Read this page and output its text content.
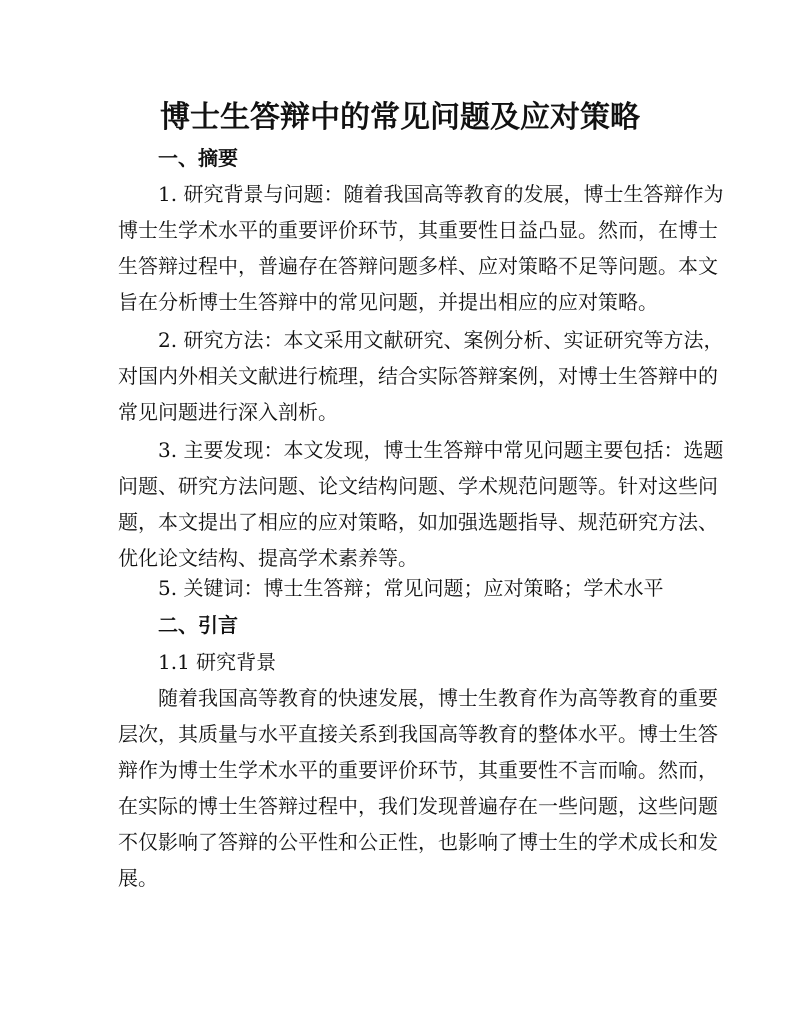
博士生答辩中的常见问题及应对策略
一、摘要
1. 研究背景与问题：随着我国高等教育的发展，博士生答辩作为
博士生学术水平的重要评价环节，其重要性日益凸显。然而，在博士
生答辩过程中，普遍存在答辩问题多样、应对策略不足等问题。本文
旨在分析博士生答辩中的常见问题，并提出相应的应对策略。
2. 研究方法：本文采用文献研究、案例分析、实证研究等方法，
对国内外相关文献进行梳理，结合实际答辩案例，对博士生答辩中的
常见问题进行深入剖析。
3. 主要发现：本文发现，博士生答辩中常见问题主要包括：选题
问题、研究方法问题、论文结构问题、学术规范问题等。针对这些问
题，本文提出了相应的应对策略，如加强选题指导、规范研究方法、
优化论文结构、提高学术素养等。
5. 关键词：博士生答辩；常见问题；应对策略；学术水平
二、引言
1.1 研究背景
随着我国高等教育的快速发展，博士生教育作为高等教育的重要
层次，其质量与水平直接关系到我国高等教育的整体水平。博士生答
辩作为博士生学术水平的重要评价环节，其重要性不言而喻。然而，
在实际的博士生答辩过程中，我们发现普遍存在一些问题，这些问题
不仅影响了答辩的公平性和公正性，也影响了博士生的学术成长和发
展。
